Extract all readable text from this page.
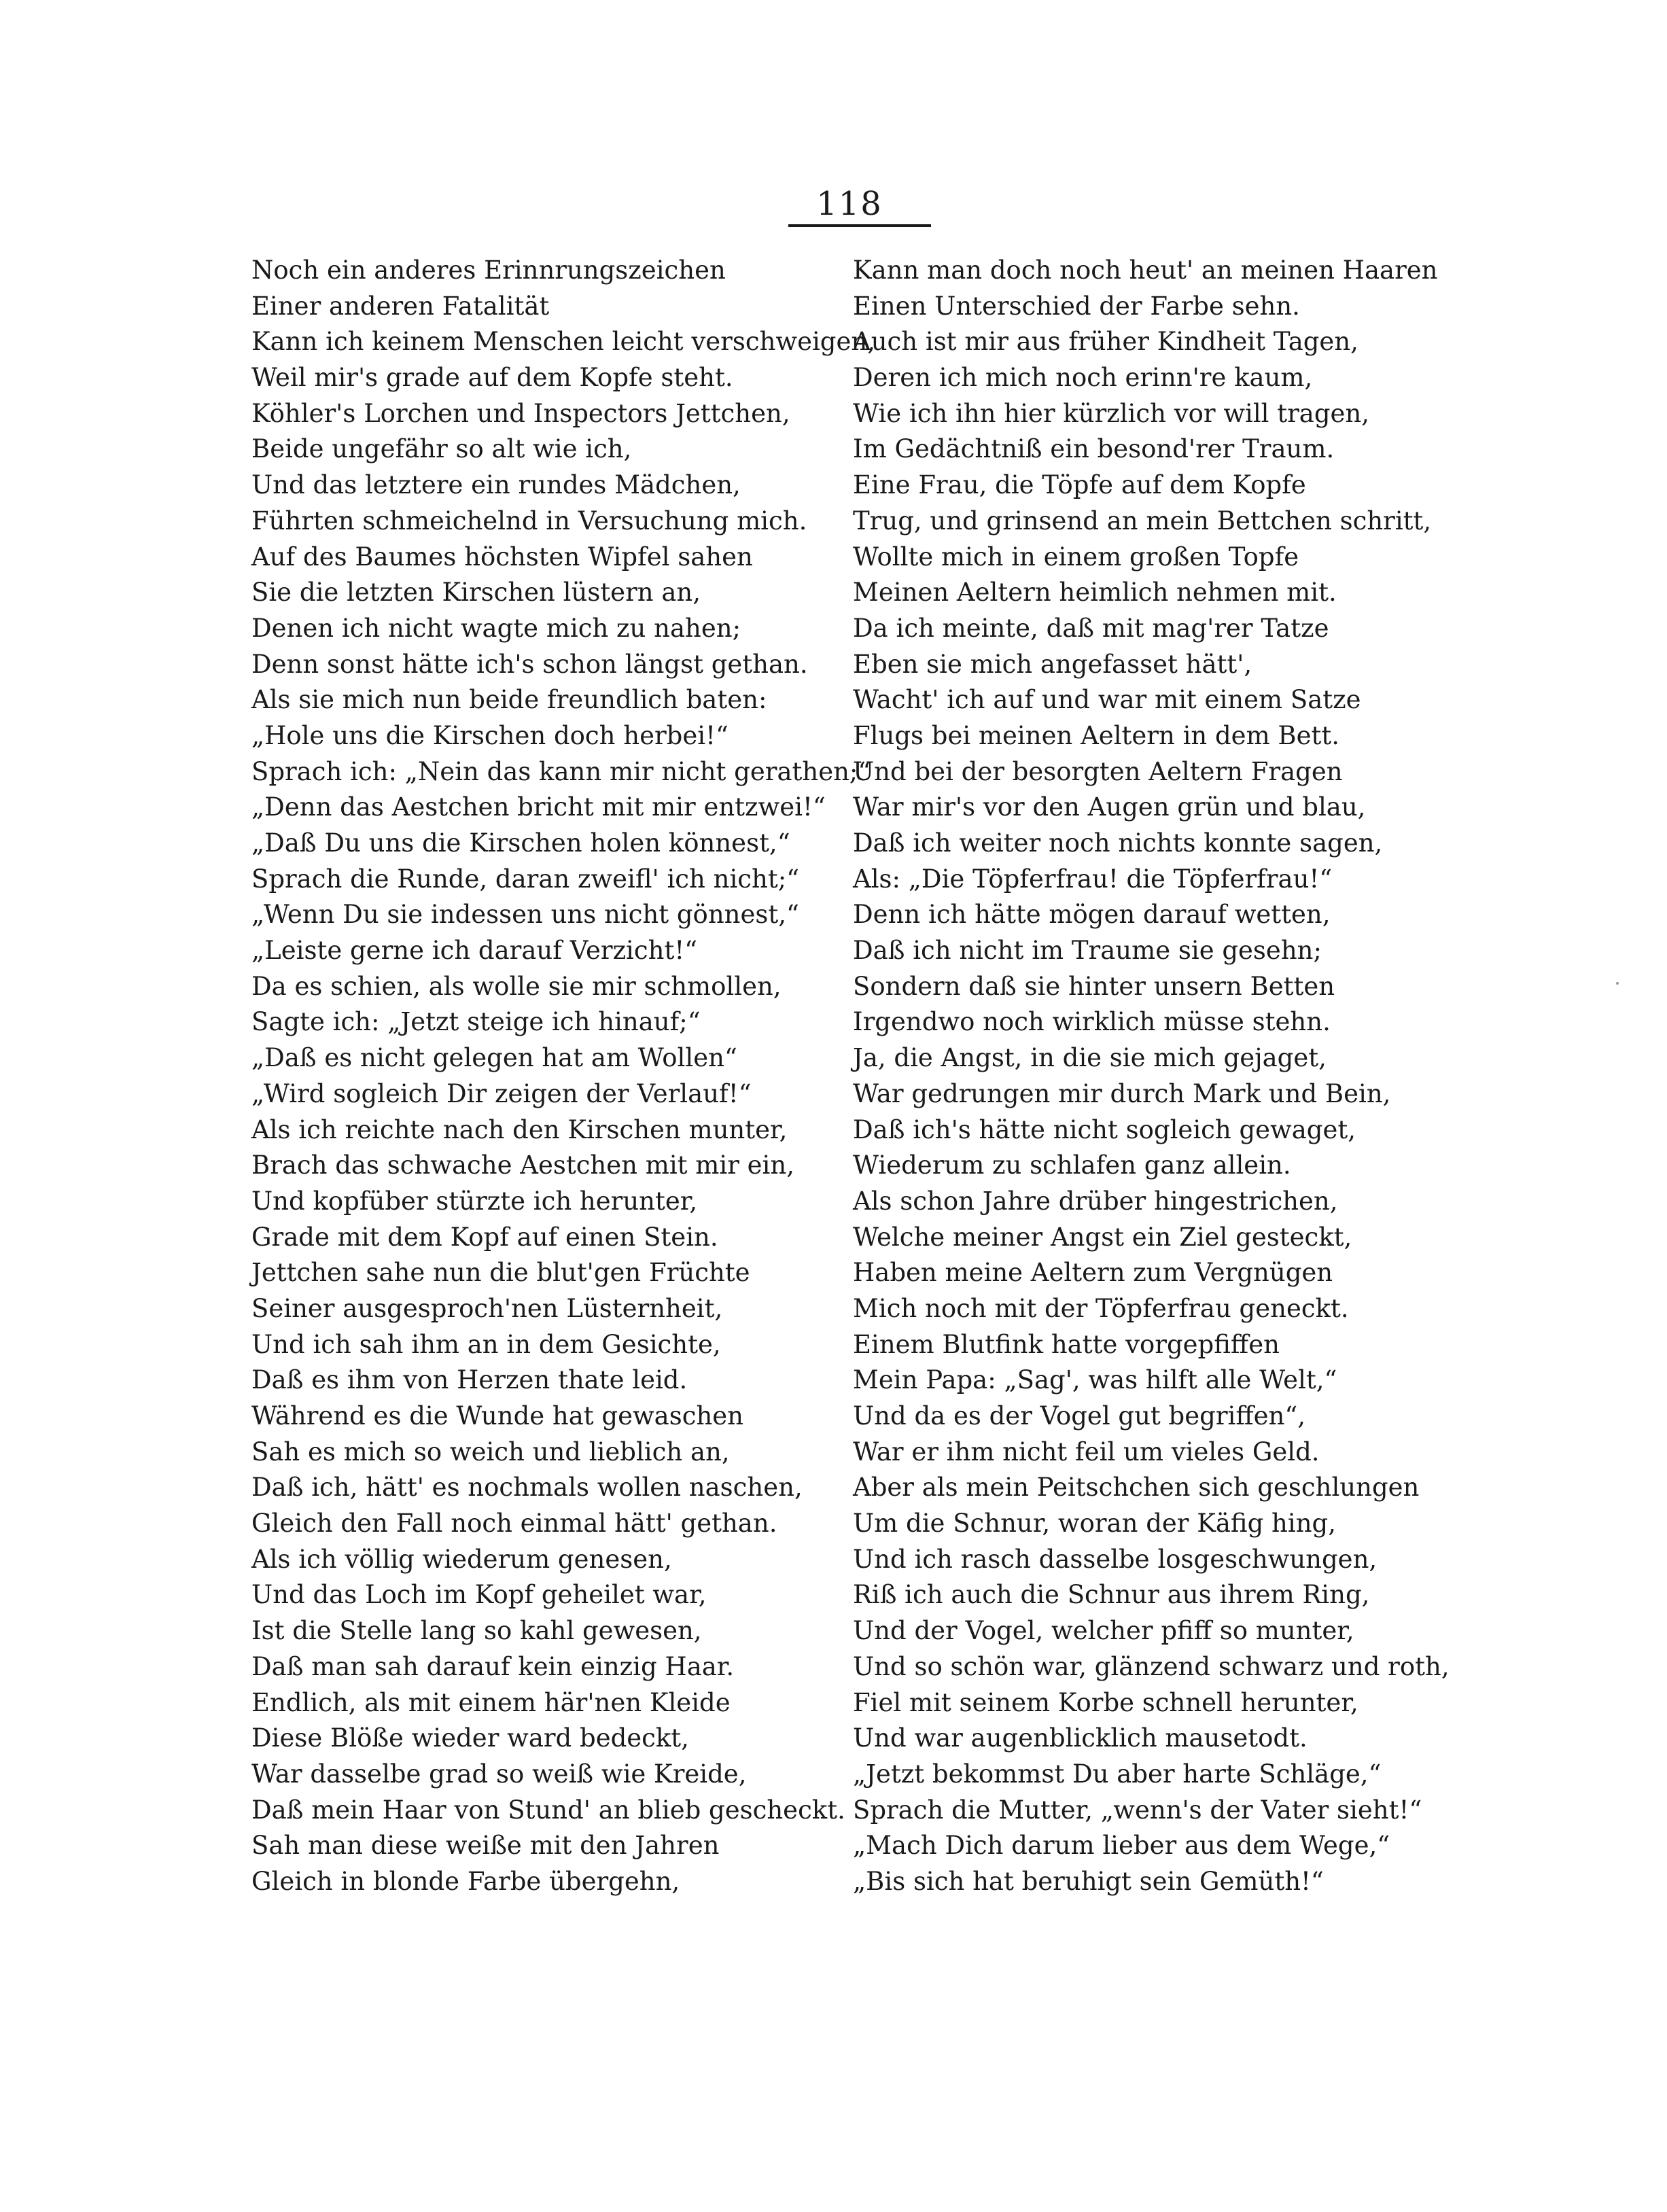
118
Noch ein anderes Erinnrungszeichen
Einer anderen Fatalität
Kann ich keinem Menschen leicht verschweigen,
Weil mir's grade auf dem Kopfe steht.
Köhler's Lorchen und Inspectors Jettchen,
Beide ungefähr so alt wie ich,
Und das letztere ein rundes Mädchen,
Führten schmeichelnd in Versuchung mich.
Auf des Baumes höchsten Wipfel sahen
Sie die letzten Kirschen lüstern an,
Denen ich nicht wagte mich zu nahen;
Denn sonst hätte ich's schon längst gethan.
Als sie mich nun beide freundlich baten:
„Hole uns die Kirschen doch herbei!“
Sprach ich: „Nein das kann mir nicht gerathen;“
„Denn das Aestchen bricht mit mir entzwei!“
„Daß Du uns die Kirschen holen könnest,“
Sprach die Runde, daran zweifl' ich nicht;“
„Wenn Du sie indessen uns nicht gönnest,“
„Leiste gerne ich darauf Verzicht!“
Da es schien, als wolle sie mir schmollen,
Sagte ich: „Jetzt steige ich hinauf;“
„Daß es nicht gelegen hat am Wollen“
„Wird sogleich Dir zeigen der Verlauf!“
Als ich reichte nach den Kirschen munter,
Brach das schwache Aestchen mit mir ein,
Und kopfüber stürzte ich herunter,
Grade mit dem Kopf auf einen Stein.
Jettchen sahe nun die blut'gen Früchte
Seiner ausgesproch'nen Lüsternheit,
Und ich sah ihm an in dem Gesichte,
Daß es ihm von Herzen thate leid.
Während es die Wunde hat gewaschen
Sah es mich so weich und lieblich an,
Daß ich, hätt' es nochmals wollen naschen,
Gleich den Fall noch einmal hätt' gethan.
Als ich völlig wiederum genesen,
Und das Loch im Kopf geheilet war,
Ist die Stelle lang so kahl gewesen,
Daß man sah darauf kein einzig Haar.
Endlich, als mit einem här'nen Kleide
Diese Blöße wieder ward bedeckt,
War dasselbe grad so weiß wie Kreide,
Daß mein Haar von Stund' an blieb gescheckt.
Sah man diese weiße mit den Jahren
Gleich in blonde Farbe übergehn,
Kann man doch noch heut' an meinen Haaren
Einen Unterschied der Farbe sehn.
Auch ist mir aus früher Kindheit Tagen,
Deren ich mich noch erinn're kaum,
Wie ich ihn hier kürzlich vor will tragen,
Im Gedächtniß ein besond'rer Traum.
Eine Frau, die Töpfe auf dem Kopfe
Trug, und grinsend an mein Bettchen schritt,
Wollte mich in einem großen Topfe
Meinen Aeltern heimlich nehmen mit.
Da ich meinte, daß mit mag'rer Tatze
Eben sie mich angefasset hätt',
Wacht' ich auf und war mit einem Satze
Flugs bei meinen Aeltern in dem Bett.
Und bei der besorgten Aeltern Fragen
War mir's vor den Augen grün und blau,
Daß ich weiter noch nichts konnte sagen,
Als: „Die Töpferfrau! die Töpferfrau!“
Denn ich hätte mögen darauf wetten,
Daß ich nicht im Traume sie gesehn;
Sondern daß sie hinter unsern Betten
Irgendwo noch wirklich müsse stehn.
Ja, die Angst, in die sie mich gejaget,
War gedrungen mir durch Mark und Bein,
Daß ich's hätte nicht sogleich gewaget,
Wiederum zu schlafen ganz allein.
Als schon Jahre drüber hingestrichen,
Welche meiner Angst ein Ziel gesteckt,
Haben meine Aeltern zum Vergnügen
Mich noch mit der Töpferfrau geneckt.
Einem Blutfink hatte vorgepfiffen
Mein Papa: „Sag', was hilft alle Welt,“
Und da es der Vogel gut begriffen“,
War er ihm nicht feil um vieles Geld.
Aber als mein Peitschchen sich geschlungen
Um die Schnur, woran der Käfig hing,
Und ich rasch dasselbe losgeschwungen,
Riß ich auch die Schnur aus ihrem Ring,
Und der Vogel, welcher pfiff so munter,
Und so schön war, glänzend schwarz und roth,
Fiel mit seinem Korbe schnell herunter,
Und war augenblicklich mausetodt.
„Jetzt bekommst Du aber harte Schläge,“
Sprach die Mutter, „wenn's der Vater sieht!“
„Mach Dich darum lieber aus dem Wege,“
„Bis sich hat beruhigt sein Gemüth!“
